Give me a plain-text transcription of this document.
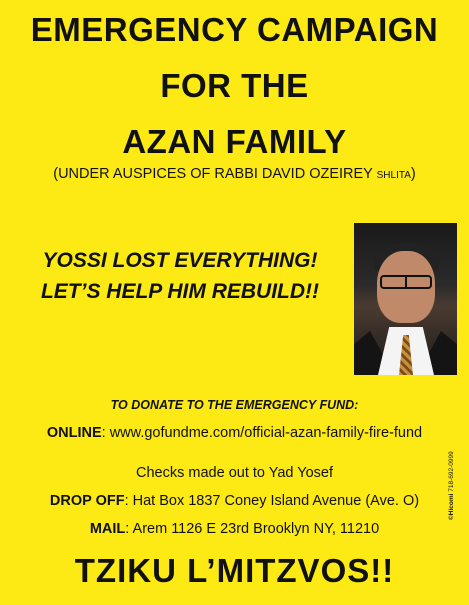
EMERGENCY CAMPAIGN
FOR THE
AZAN FAMILY
(UNDER AUSPICES OF RABBI DAVID OZEIREY SHLITA)
YOSSI LOST EVERYTHING!
LET’S HELP HIM REBUILD!!
TO DONATE TO THE EMERGENCY FUND:
ONLINE: www.gofundme.com/official-azan-family-fire-fund
Checks made out to Yad Yosef
DROP OFF: Hat Box 1837 Coney Island Avenue (Ave. O)
MAIL: Arem 1126 E 23rd Brooklyn NY, 11210
TZIKU L’MITZVOS!!
©Hicomi 718-692-0999
